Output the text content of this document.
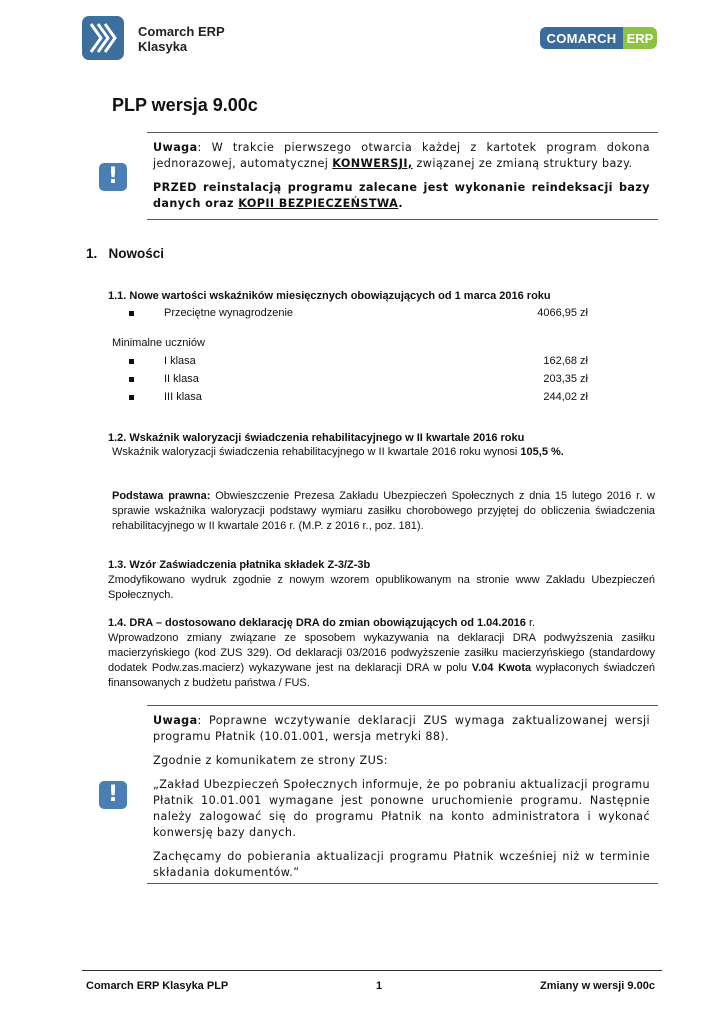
Comarch ERP
Klasyka
COMARCH ERP
PLP wersja 9.00c
!

Uwaga: W trakcie pierwszego otwarcia każdej z kartotek program dokona jednorazowej, automatycznej KONWERSJI, związanej ze zmianą struktury bazy.

PRZED reinstalacją programu zalecane jest wykonanie reindeksacji bazy danych oraz KOPII BEZPIECZEŃSTWA.

1. Nowości
1.1. Nowe wartości wskaźników miesięcznych obowiązujących od 1 marca 2016 roku
Przeciętne wynagrodzenie	4066,95 zł
Minimalne uczniów
I klasa	162,68 zł
II klasa	203,35 zł
III klasa	244,02 zł
1.2. Wskaźnik waloryzacji świadczenia rehabilitacyjnego w II kwartale 2016 roku
Wskaźnik waloryzacji świadczenia rehabilitacyjnego w II kwartale 2016 roku wynosi 105,5 %.
Podstawa prawna: Obwieszczenie Prezesa Zakładu Ubezpieczeń Społecznych z dnia 15 lutego 2016 r. w sprawie wskaźnika waloryzacji podstawy wymiaru zasiłku chorobowego przyjętej do obliczenia świadczenia rehabilitacyjnego w II kwartale 2016 r. (M.P. z 2016 r., poz. 181).
1.3. Wzór Zaświadczenia płatnika składek Z-3/Z-3b
Zmodyfikowano wydruk zgodnie z nowym wzorem opublikowanym na stronie www Zakładu Ubezpieczeń Społecznych.
1.4. DRA – dostosowano deklarację DRA do zmian obowiązujących od 1.04.2016 r.
Wprowadzono zmiany związane ze sposobem wykazywania na deklaracji DRA podwyższenia zasiłku macierzyńskiego (kod ZUS 329). Od deklaracji 03/2016 podwyższenie zasiłku macierzyńskiego (standardowy dodatek Podw.zas.macierz) wykazywane jest na deklaracji DRA w polu V.04 Kwota wypłaconych świadczeń finansowanych z budżetu państwa / FUS.
!

Uwaga: Poprawne wczytywanie deklaracji ZUS wymaga zaktualizowanej wersji programu Płatnik (10.01.001, wersja metryki 88).

Zgodnie z komunikatem ze strony ZUS:

„Zakład Ubezpieczeń Społecznych informuje, że po pobraniu aktualizacji programu Płatnik 10.01.001 wymagane jest ponowne uruchomienie programu. Następnie należy zalogować się do programu Płatnik na konto administratora i wykonać konwersję bazy danych.

Zachęcamy do pobierania aktualizacji programu Płatnik wcześniej niż w terminie składania dokumentów.”

Comarch ERP Klasyka PLP	1	Zmiany w wersji 9.00c
